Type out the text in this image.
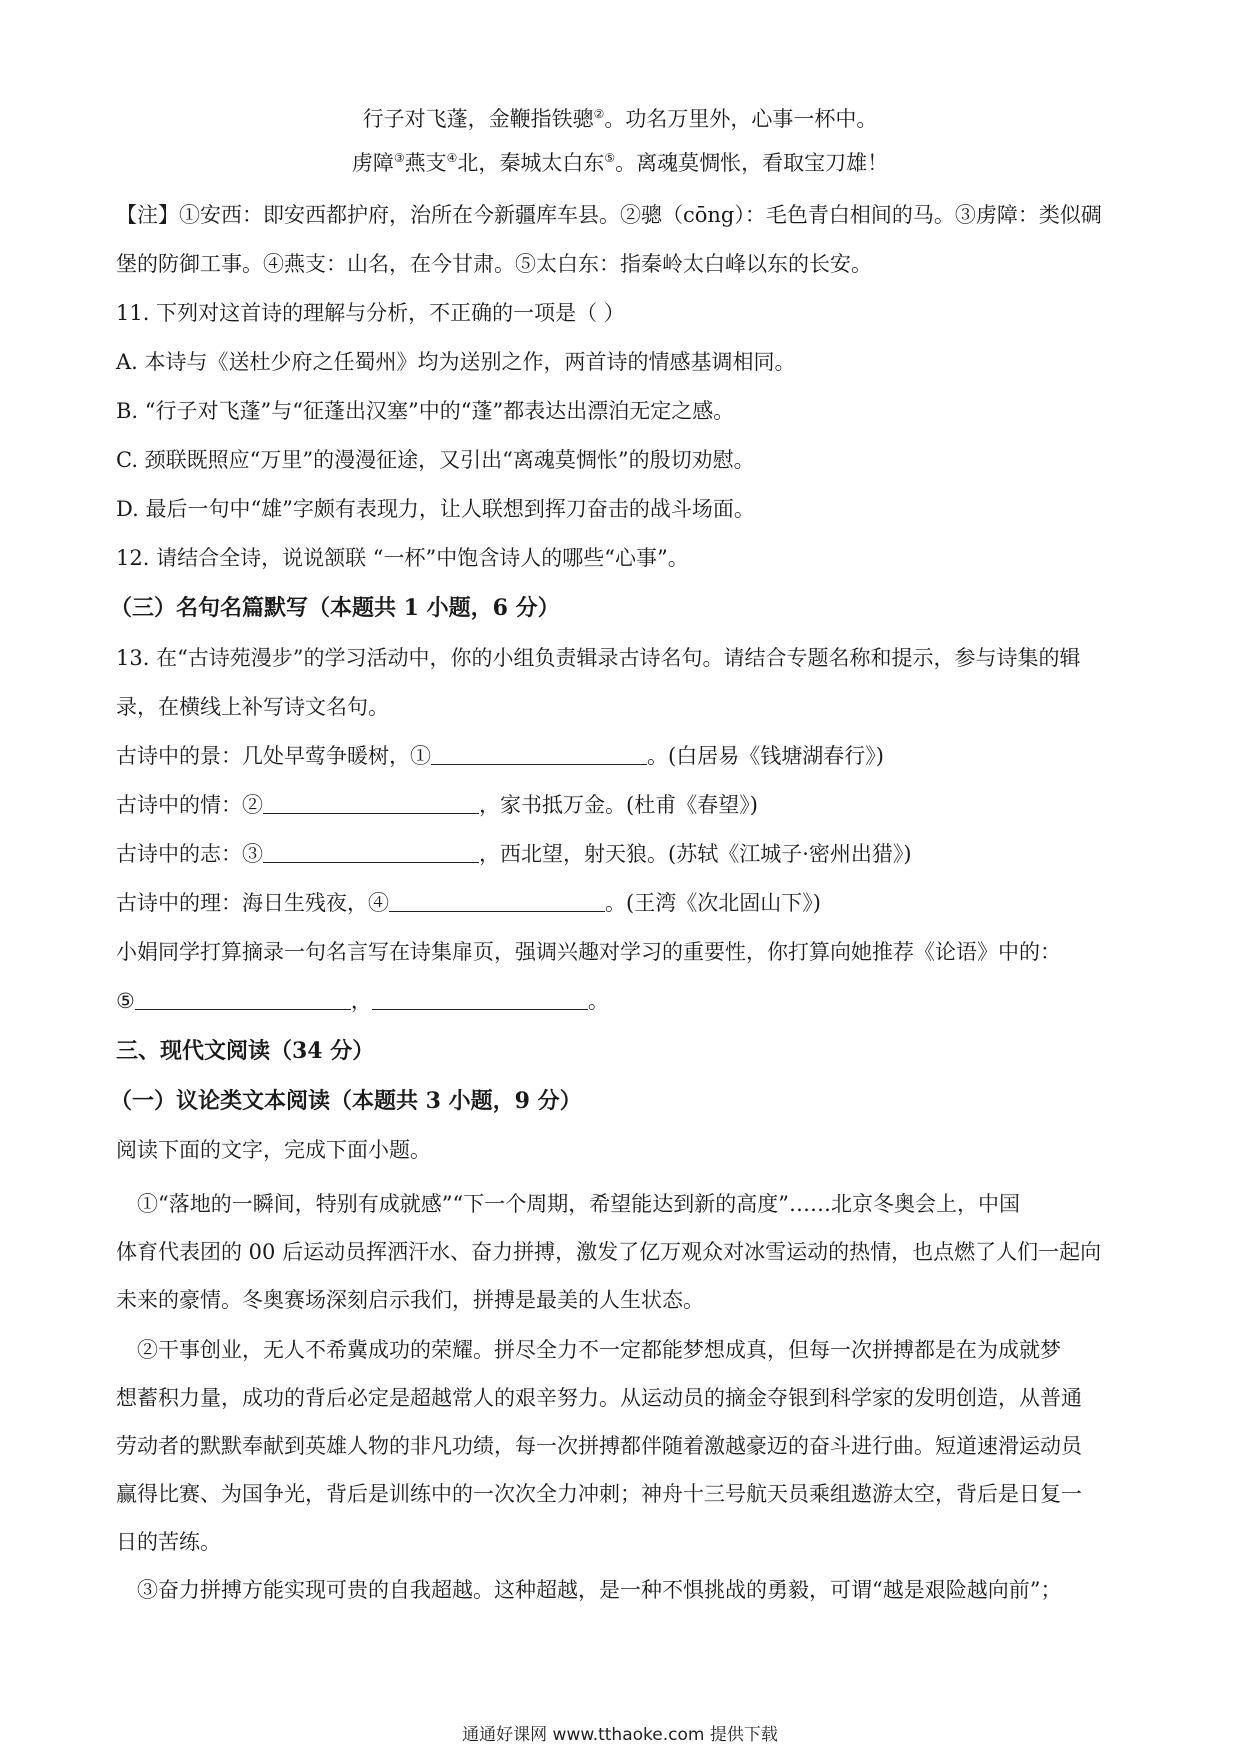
行子对飞蓬，金鞭指铁骢②。功名万里外，心事一杯中。
虏障③燕支④北，秦城太白东⑤。离魂莫惆怅，看取宝刀雄！
【注】①安西：即安西都护府，治所在今新疆库车县。②骢（cōng）：毛色青白相间的马。③虏障：类似碉
堡的防御工事。④燕支：山名，在今甘肃。⑤太白东：指秦岭太白峰以东的长安。
11. 下列对这首诗的理解与分析，不正确的一项是（ ）
A. 本诗与《送杜少府之任蜀州》均为送别之作，两首诗的情感基调相同。
B. “行子对飞蓬”与“征蓬出汉塞”中的“蓬”都表达出漂泊无定之感。
C. 颈联既照应“万里”的漫漫征途，又引出“离魂莫惆怅”的殷切劝慰。
D. 最后一句中“雄”字颇有表现力，让人联想到挥刀奋击的战斗场面。
12. 请结合全诗，说说颔联 “一杯”中饱含诗人的哪些“心事”。
（三）名句名篇默写（本题共 1 小题，6 分）
13. 在“古诗苑漫步”的学习活动中，你的小组负责辑录古诗名句。请结合专题名称和提示，参与诗集的辑
录，在横线上补写诗文名句。
古诗中的景：几处早莺争暖树，①	。(白居易《钱塘湖春行》)
古诗中的情：②	，家书抵万金。(杜甫《春望》)
古诗中的志：③	，西北望，射天狼。(苏轼《江城子·密州出猎》)
古诗中的理：海日生残夜，④	。(王湾《次北固山下》)
小娟同学打算摘录一句名言写在诗集扉页，强调兴趣对学习的重要性，你打算向她推荐《论语》中的：
⑤	，	。
三、现代文阅读（34 分）
（一）议论类文本阅读（本题共 3 小题，9 分）
阅读下面的文字，完成下面小题。
　①“落地的一瞬间，特别有成就感”“下一个周期，希望能达到新的高度”……北京冬奥会上，中国
体育代表团的 00 后运动员挥洒汗水、奋力拼搏，激发了亿万观众对冰雪运动的热情，也点燃了人们一起向
未来的豪情。冬奥赛场深刻启示我们，拼搏是最美的人生状态。
　②干事创业，无人不希冀成功的荣耀。拼尽全力不一定都能梦想成真，但每一次拼搏都是在为成就梦
想蓄积力量，成功的背后必定是超越常人的艰辛努力。从运动员的摘金夺银到科学家的发明创造，从普通
劳动者的默默奉献到英雄人物的非凡功绩，每一次拼搏都伴随着激越豪迈的奋斗进行曲。短道速滑运动员
赢得比赛、为国争光，背后是训练中的一次次全力冲刺；神舟十三号航天员乘组遨游太空，背后是日复一
日的苦练。
　③奋力拼搏方能实现可贵的自我超越。这种超越，是一种不惧挑战的勇毅，可谓“越是艰险越向前”；
通通好课网 www.tthaoke.com 提供下载
